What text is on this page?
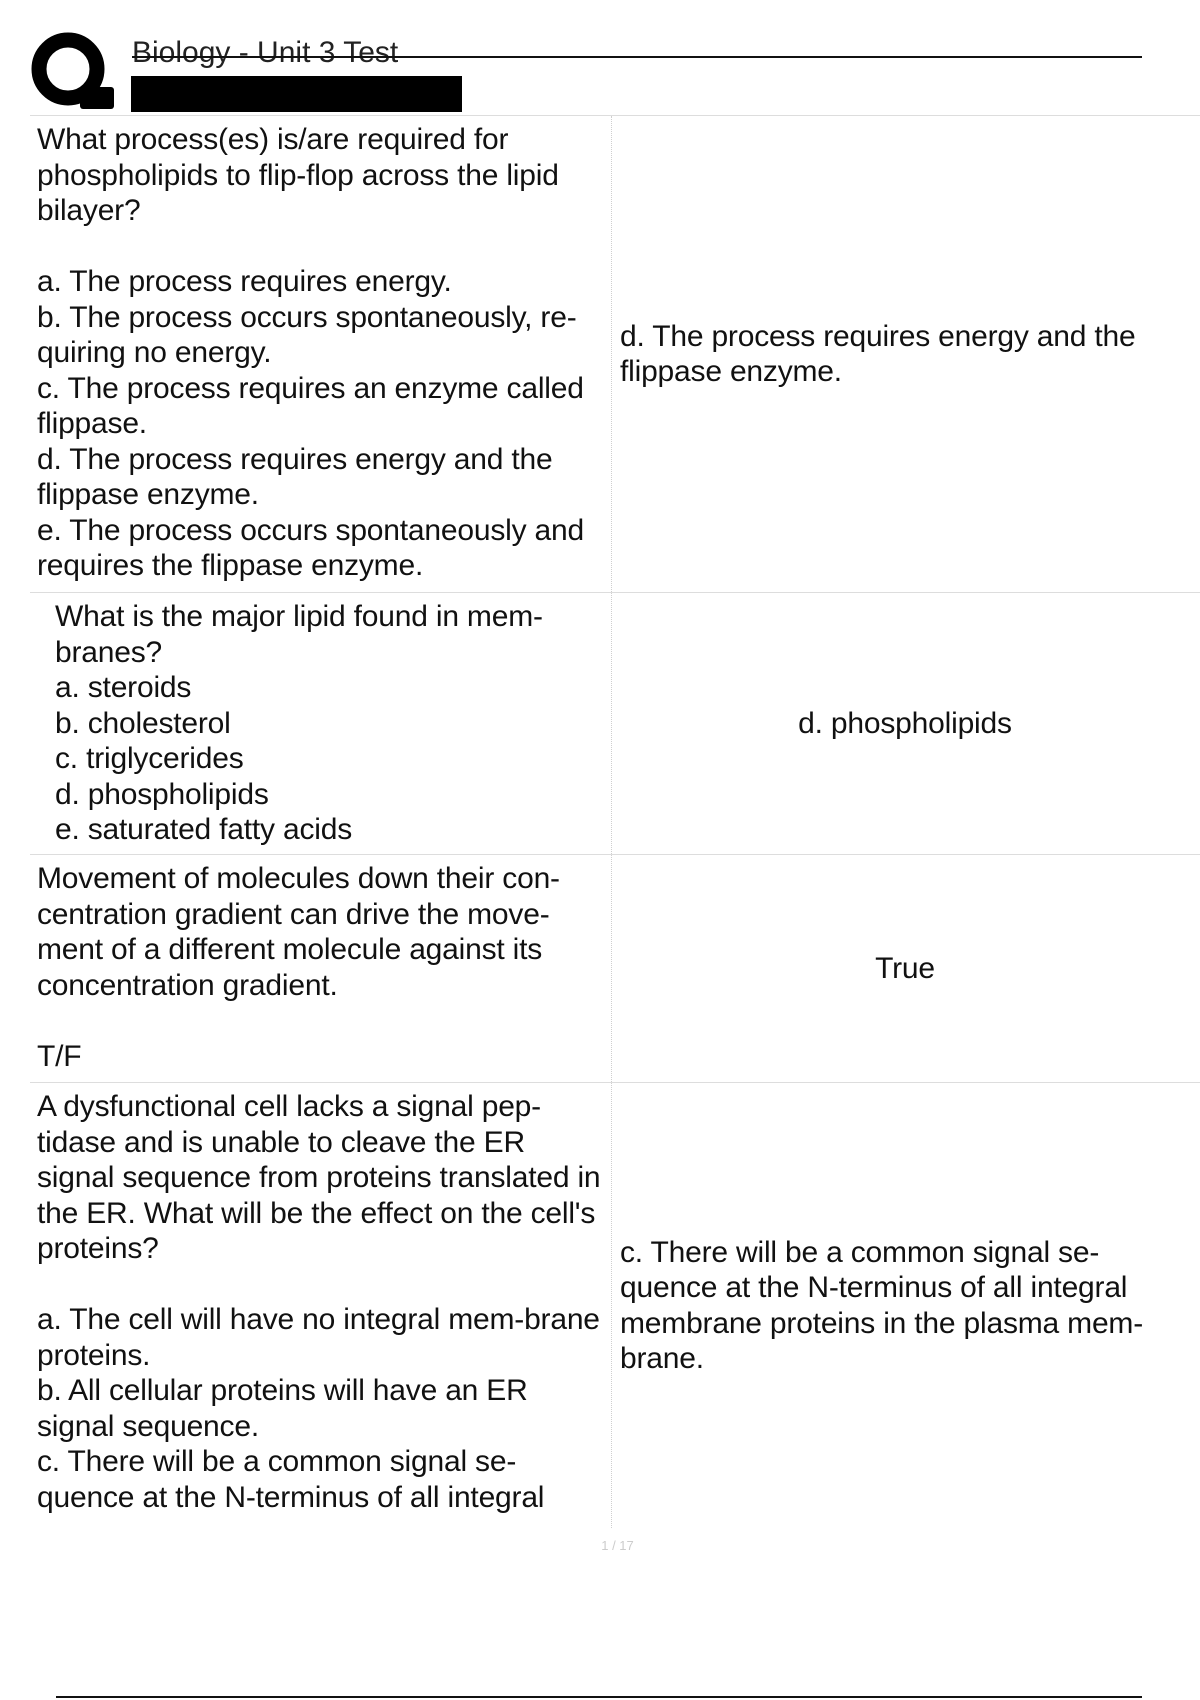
Biology - Unit 3 Test
What process(es) is/are required for phospholipids to flip-flop across the lipid bilayer?

a. The process requires energy.
b. The process occurs spontaneously, re-quiring no energy.
c. The process requires an enzyme called flippase.
d. The process requires energy and the flippase enzyme.
e. The process occurs spontaneously and requires the flippase enzyme.
d. The process requires energy and the flippase enzyme.
What is the major lipid found in mem-branes?
a. steroids
b. cholesterol
c. triglycerides
d. phospholipids
e. saturated fatty acids
d. phospholipids
Movement of molecules down their con-centration gradient can drive the move-ment of a different molecule against its concentration gradient.

T/F
True
A dysfunctional cell lacks a signal pep-tidase and is unable to cleave the ER signal sequence from proteins translated in the ER. What will be the effect on the cell's proteins?

a. The cell will have no integral mem-brane proteins.
b. All cellular proteins will have an ER signal sequence.
c. There will be a common signal se-quence at the N-terminus of all integral
c. There will be a common signal se-quence at the N-terminus of all integral membrane proteins in the plasma mem-brane.
1 / 17
